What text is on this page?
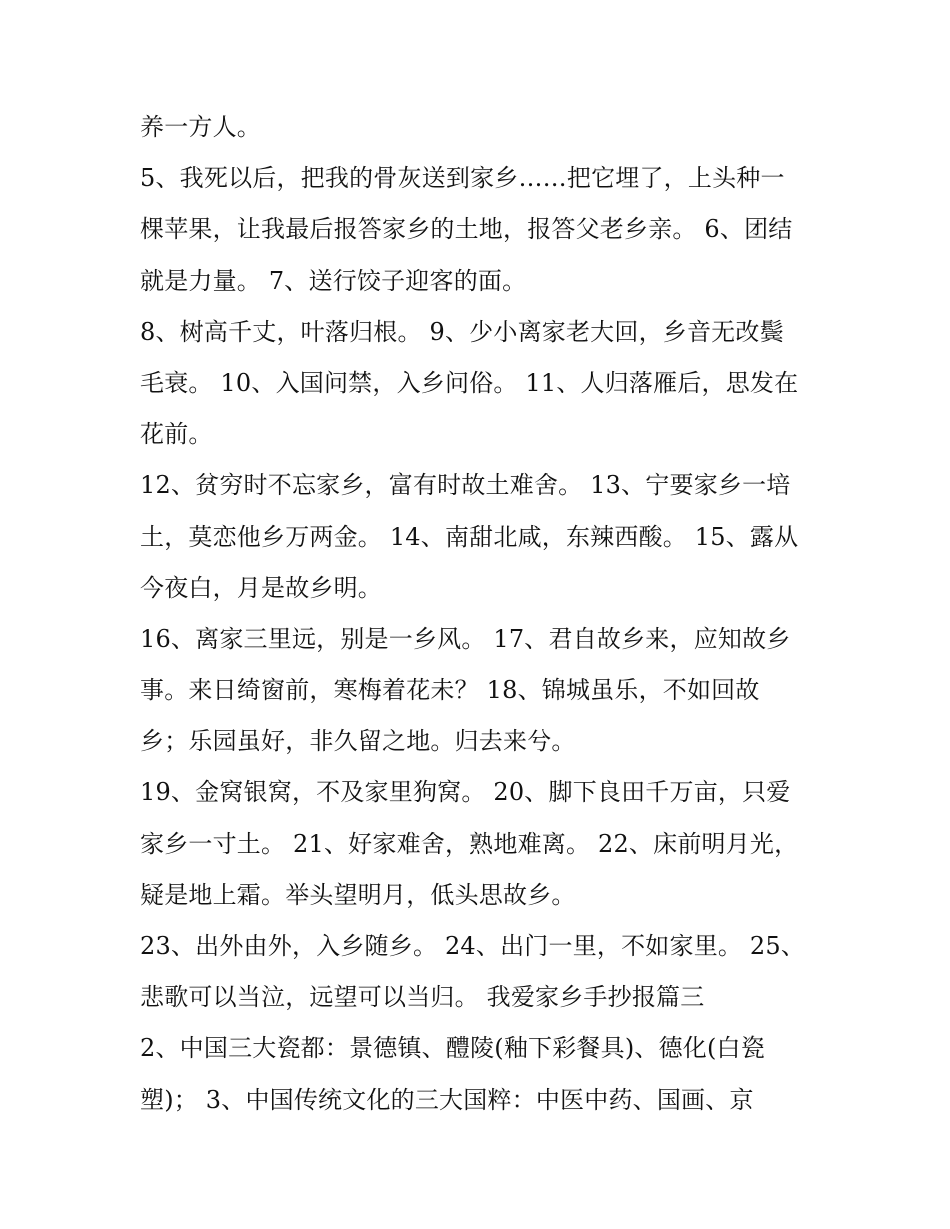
养一方人。
5、我死以后，把我的骨灰送到家乡……把它埋了，上头种一
棵苹果，让我最后报答家乡的土地，报答父老乡亲。 6、团结
就是力量。 7、送行饺子迎客的面。
8、树高千丈，叶落归根。 9、少小离家老大回，乡音无改鬓
毛衰。 10、入国问禁，入乡问俗。 11、人归落雁后，思发在
花前。
12、贫穷时不忘家乡，富有时故土难舍。 13、宁要家乡一培
土，莫恋他乡万两金。 14、南甜北咸，东辣西酸。 15、露从
今夜白，月是故乡明。
16、离家三里远，别是一乡风。 17、君自故乡来，应知故乡
事。来日绮窗前，寒梅着花未？ 18、锦城虽乐，不如回故
乡；乐园虽好，非久留之地。归去来兮。
19、金窝银窝，不及家里狗窝。 20、脚下良田千万亩，只爱
家乡一寸土。 21、好家难舍，熟地难离。 22、床前明月光，
疑是地上霜。举头望明月，低头思故乡。
23、出外由外，入乡随乡。 24、出门一里，不如家里。 25、
悲歌可以当泣，远望可以当归。 我爱家乡手抄报篇三
2、中国三大瓷都：景德镇、醴陵(釉下彩餐具)、德化(白瓷
塑)； 3、中国传统文化的三大国粹：中医中药、国画、京
